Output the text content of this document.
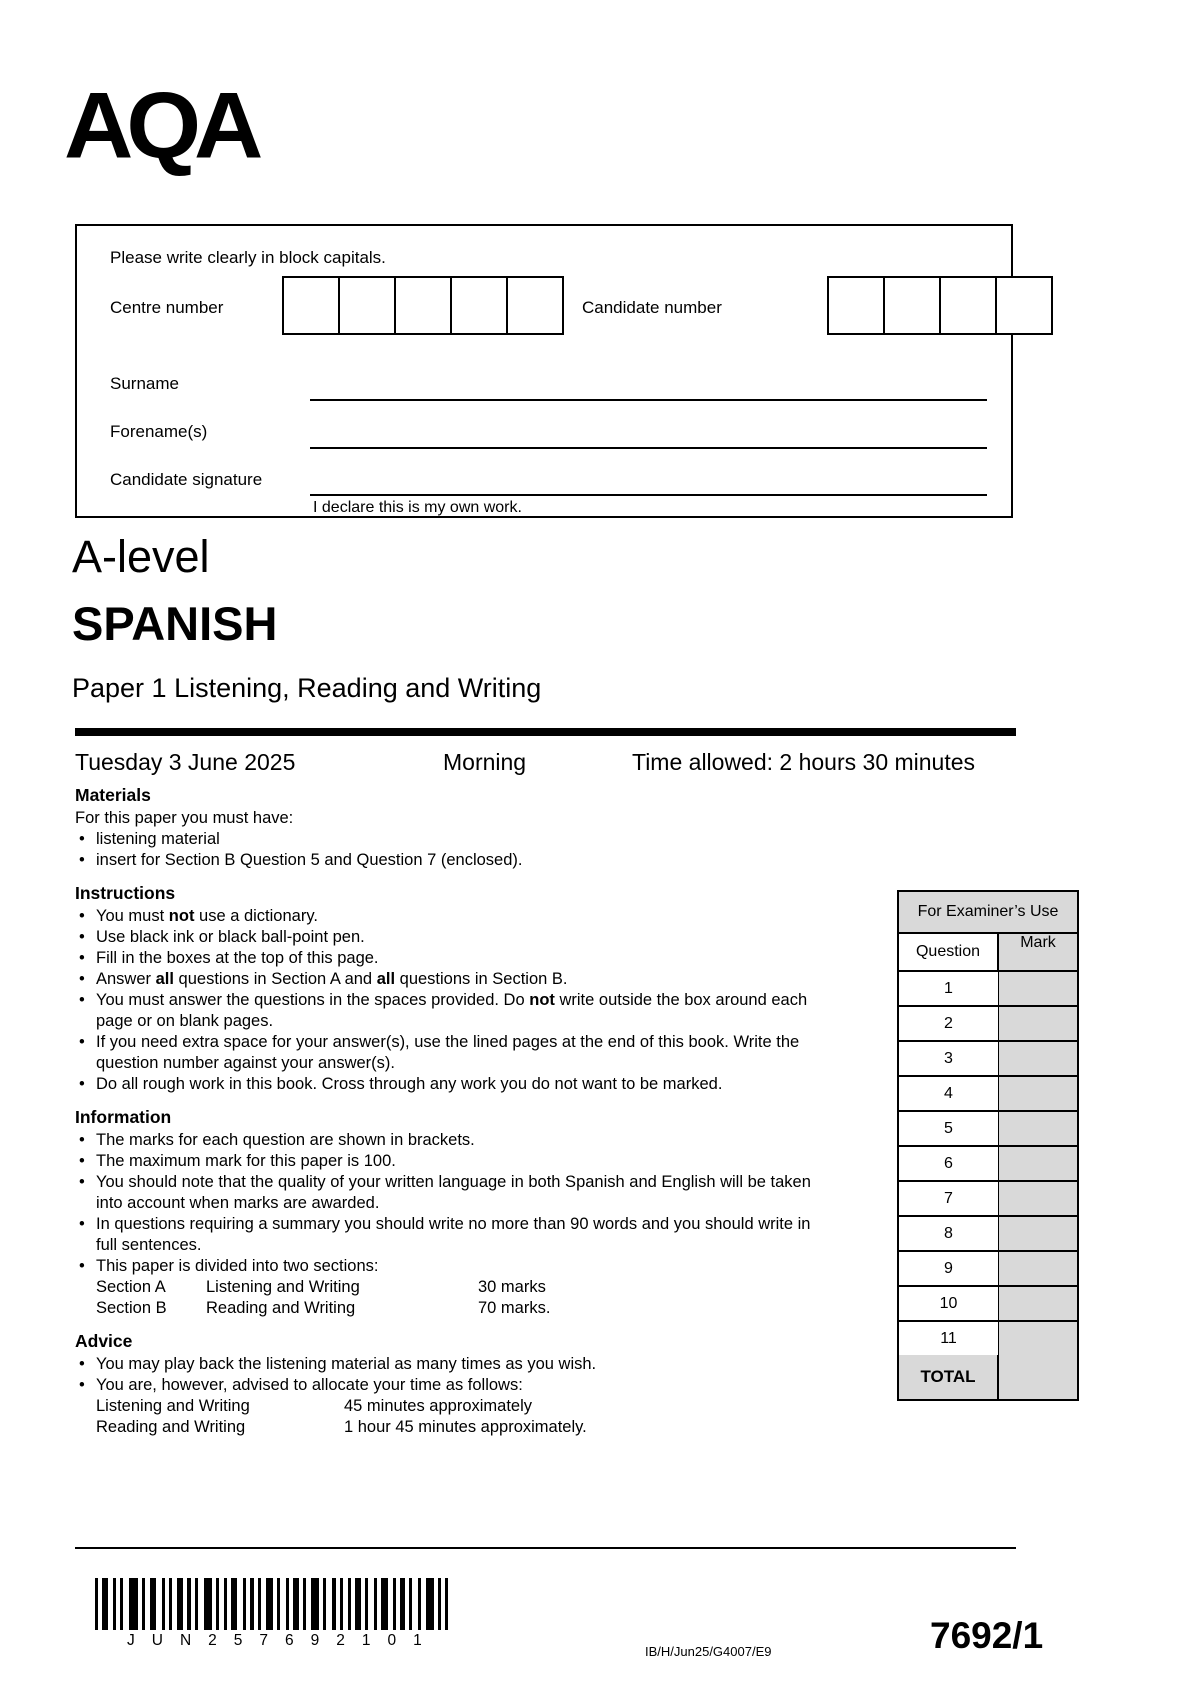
AQA
Please write clearly in block capitals.
Centre number	Candidate number
Surname
Forename(s)
Candidate signature
I declare this is my own work.
A-level
SPANISH
Paper 1 Listening, Reading and Writing
Tuesday 3 June 2025	Morning	Time allowed: 2 hours 30 minutes
Materials

For this paper you must have:

• listening material
• insert for Section B Question 5 and Question 7 (enclosed).
Instructions
• You must not use a dictionary.
• Use black ink or black ball-point pen.
• Fill in the boxes at the top of this page.
• Answer all questions in Section A and all questions in Section B.
• You must answer the questions in the spaces provided. Do not write outside the box around each page or on blank pages.
• If you need extra space for your answer(s), use the lined pages at the end of this book. Write the question number against your answer(s).
• Do all rough work in this book. Cross through any work you do not want to be marked.
Information
• The marks for each question are shown in brackets.
• The maximum mark for this paper is 100.
• You should note that the quality of your written language in both Spanish and English will be taken into account when marks are awarded.
• In questions requiring a summary you should write no more than 90 words and you should write in full sentences.
• This paper is divided into two sections:
Section A Listening and Writing	30 marks
Section B Reading and Writing	70 marks.
Advice
• You may play back the listening material as many times as you wish.
• You are, however, advised to allocate your time as follows:
Listening and Writing	45 minutes approximately
Reading and Writing	1 hour 45 minutes approximately.
For Examiner’s Use
Question
Mark
1
2
3
4
5
6
7
8
9
10
11
TOTAL
JUN257692101
IB/H/Jun25/G4007/E9	7692/1
